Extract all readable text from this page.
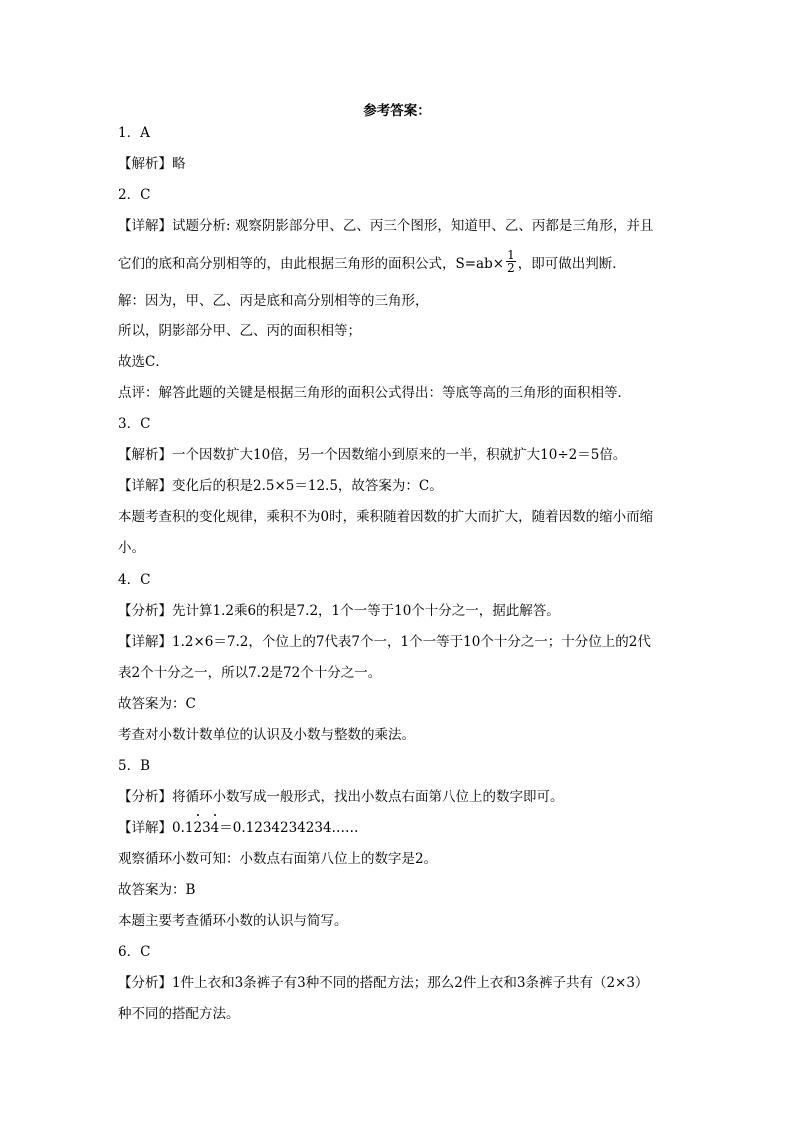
参考答案：
1．A
【解析】略
2．C
【详解】试题分析: 观察阴影部分甲、乙、丙三个图形，知道甲、乙、丙都是三角形，并且
它们的底和高分别相等的，由此根据三角形的面积公式，$S=ab\times \frac{1}{2}$ ，即可做出判断．
解：因为，甲、乙、丙是底和高分别相等的三角形，
所以，阴影部分甲、乙、丙的面积相等；
故选C．
点评：解答此题的关键是根据三角形的面积公式得出：等底等高的三角形的面积相等．
3．C
【解析】一个因数扩大10倍，另一个因数缩小到原来的一半，积就扩大10÷2＝5倍。
【详解】变化后的积是2.5×5＝12.5，故答案为：C。
本题考查积的变化规律，乘积不为0时，乘积随着因数的扩大而扩大，随着因数的缩小而缩
小。
4．C
【分析】先计算1.2乘6的积是7.2，1个一等于10个十分之一，据此解答。
【详解】1.2×6＝7.2，个位上的7代表7个一，1个一等于10个十分之一；十分位上的2代
表2个十分之一，所以7.2是72个十分之一。
故答案为：C
考查对小数计数单位的认识及小数与整数的乘法。
5．B
【分析】将循环小数写成一般形式，找出小数点右面第八位上的数字即可。
【详解】0.1
23
4＝0.1234234234……
观察循环小数可知：小数点右面第八位上的数字是2。
故答案为：B
本题主要考查循环小数的认识与简写。
6．C
【分析】1件上衣和3条裤子有3种不同的搭配方法；那么2件上衣和3条裤子共有（2×3）
种不同的搭配方法。
